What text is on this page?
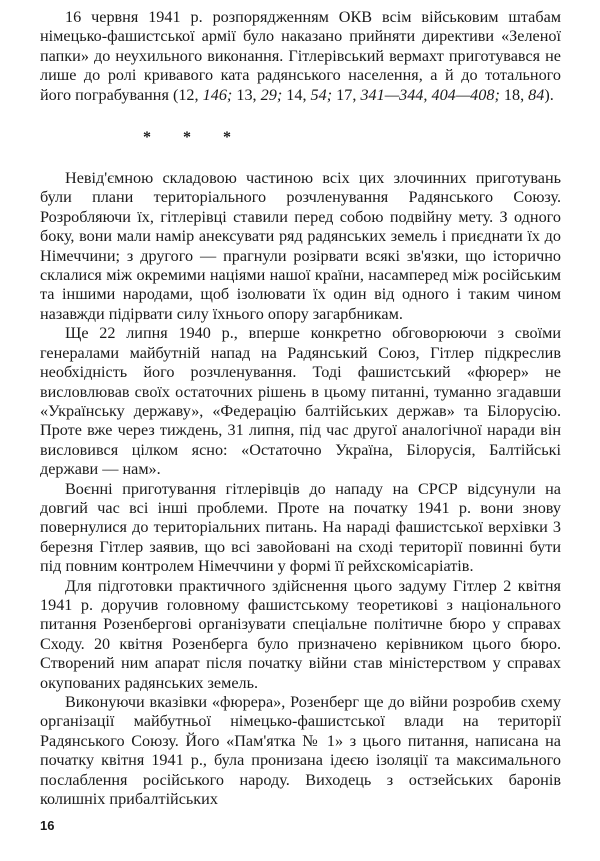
16 червня 1941 р. розпорядженням ОКВ всім військовим штабам німецько-фашистської армії було наказано прийняти директиви «Зеленої папки» до неухильного виконання. Гітлерівський вермахт приготувався не лише до ролі кривавого ката радянського населення, а й до тотального його пограбування (12, 146; 13, 29; 14, 54; 17, 341—344, 404—408; 18, 84).

* * *

Невід'ємною складовою частиною всіх цих злочинних приготувань були плани територіального розчленування Радянського Союзу. Розробляючи їх, гітлерівці ставили перед собою подвійну мету. З одного боку, вони мали намір анексувати ряд радянських земель і приєднати їх до Німеччини; з другого — прагнули розірвати всякі зв'язки, що історично склалися між окремими націями нашої країни, насамперед між російським та іншими народами, щоб ізолювати їх один від одного і таким чином назавжди підірвати силу їхнього опору загарбникам.

Ще 22 липня 1940 р., вперше конкретно обговорюючи з своїми генералами майбутній напад на Радянський Союз, Гітлер підкреслив необхідність його розчленування. Тоді фашистський «фюрер» не висловлював своїх остаточних рішень в цьому питанні, туманно згадавши «Українську державу», «Федерацію балтійських держав» та Білорусію. Проте вже через тиждень, 31 липня, під час другої аналогічної наради він висловився цілком ясно: «Остаточно Україна, Білорусія, Балтійські держави — нам».

Воєнні приготування гітлерівців до нападу на СРСР відсунули на довгий час всі інші проблеми. Проте на початку 1941 р. вони знову повернулися до територіальних питань. На нараді фашистської верхівки 3 березня Гітлер заявив, що всі завойовані на сході території повинні бути під повним контролем Німеччини у формі її рейхскомісаріатів.

Для підготовки практичного здійснення цього задуму Гітлер 2 квітня 1941 р. доручив головному фашистському теоретикові з національного питання Розенбергові організувати спеціальне політичне бюро у справах Сходу. 20 квітня Розенберга було призначено керівником цього бюро. Створений ним апарат після початку війни став міністерством у справах окупованих радянських земель.

Виконуючи вказівки «фюрера», Розенберг ще до війни розробив схему організації майбутньої німецько-фашистської влади на території Радянського Союзу. Його «Пам'ятка № 1» з цього питання, написана на початку квітня 1941 р., була пронизана ідеєю ізоляції та максимального послаблення російського народу. Виходець з остзейських баронів колишніх прибалтійських

16
